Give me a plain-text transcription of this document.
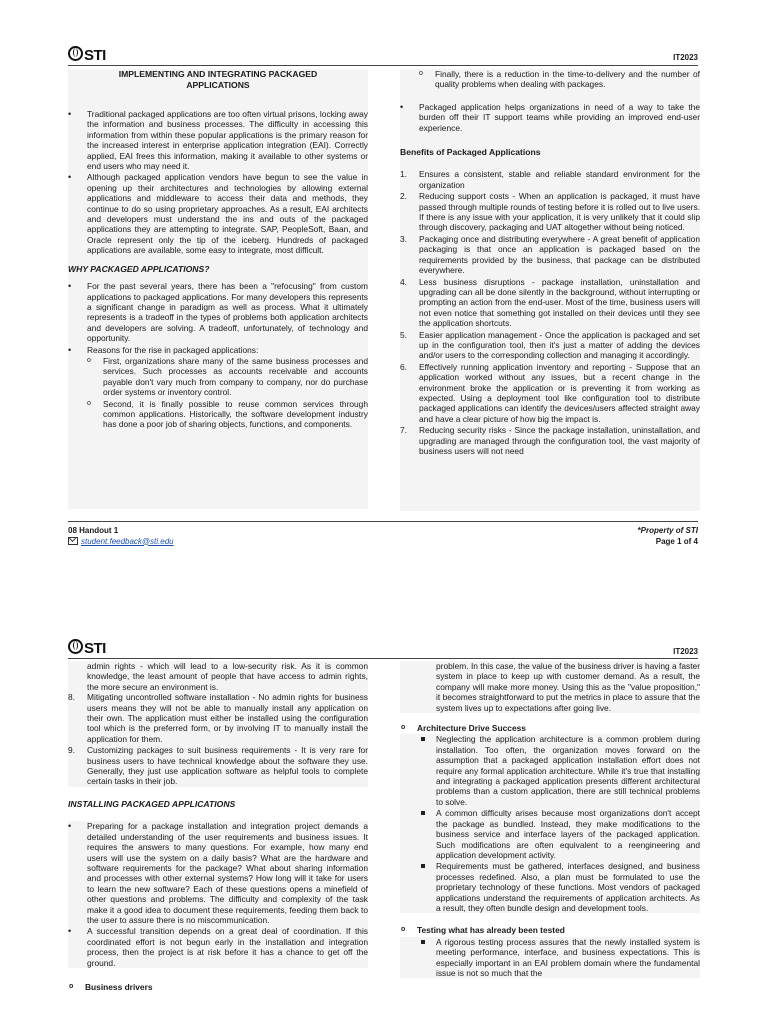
STI	IT2023
IMPLEMENTING AND INTEGRATING PACKAGED APPLICATIONS
• Traditional packaged applications are too often virtual prisons, locking away the information and business processes. The difficulty in accessing this information from within these popular applications is the primary reason for the increased interest in enterprise application integration (EAI). Correctly applied, EAI frees this information, making it available to other systems or end users who may need it.
• Although packaged application vendors have begun to see the value in opening up their architectures and technologies by allowing external applications and middleware to access their data and methods, they continue to do so using proprietary approaches. As a result, EAI architects and developers must understand the ins and outs of the packaged applications they are attempting to integrate. SAP, PeopleSoft, Baan, and Oracle represent only the tip of the iceberg. Hundreds of packaged applications are available, some easy to integrate, most difficult.
WHY PACKAGED APPLICATIONS?
• For the past several years, there has been a "refocusing" from custom applications to packaged applications. For many developers this represents a significant change in paradigm as well as process. What it ultimately represents is a tradeoff in the types of problems both application architects and developers are solving. A tradeoff, unfortunately, of technology and opportunity.
• Reasons for the rise in packaged applications:
o First, organizations share many of the same business processes and services. Such processes as accounts receivable and accounts payable don't vary much from company to company, nor do purchase order systems or inventory control.
o Second, it is finally possible to reuse common services through common applications. Historically, the software development industry has done a poor job of sharing objects, functions, and components.
o Finally, there is a reduction in the time-to-delivery and the number of quality problems when dealing with packages.
• Packaged application helps organizations in need of a way to take the burden off their IT support teams while providing an improved end-user experience.
Benefits of Packaged Applications
1. Ensures a consistent, stable and reliable standard environment for the organization
2. Reducing support costs - When an application is packaged, it must have passed through multiple rounds of testing before it is rolled out to live users. If there is any issue with your application, it is very unlikely that it could slip through discovery, packaging and UAT altogether without being noticed.
3. Packaging once and distributing everywhere - A great benefit of application packaging is that once an application is packaged based on the requirements provided by the business, that package can be distributed everywhere.
4. Less business disruptions - package installation, uninstallation and upgrading can all be done silently in the background, without interrupting or prompting an action from the end-user. Most of the time, business users will not even notice that something got installed on their devices until they see the application shortcuts.
5. Easier application management - Once the application is packaged and set up in the configuration tool, then it's just a matter of adding the devices and/or users to the corresponding collection and managing it accordingly.
6. Effectively running application inventory and reporting - Suppose that an application worked without any issues, but a recent change in the environment broke the application or is preventing it from working as expected. Using a deployment tool like configuration tool to distribute packaged applications can identify the devices/users affected straight away and have a clear picture of how big the impact is.
7. Reducing security risks - Since the package installation, uninstallation, and upgrading are managed through the configuration tool, the vast majority of business users will not need
08 Handout 1
student.feedback@sti.edu
*Property of STI
Page 1 of 4
STI	IT2023
admin rights - which will lead to a low-security risk. As it is common knowledge, the least amount of people that have access to admin rights, the more secure an environment is.
8. Mitigating uncontrolled software installation - No admin rights for business users means they will not be able to manually install any application on their own. The application must either be installed using the configuration tool which is the preferred form, or by involving IT to manually install the application for them.
9. Customizing packages to suit business requirements - It is very rare for business users to have technical knowledge about the software they use. Generally, they just use application software as helpful tools to complete certain tasks in their job.
INSTALLING PACKAGED APPLICATIONS
• Preparing for a package installation and integration project demands a detailed understanding of the user requirements and business issues. It requires the answers to many questions. For example, how many end users will use the system on a daily basis? What are the hardware and software requirements for the package? What about sharing information and processes with other external systems? How long will it take for users to learn the new software? Each of these questions opens a minefield of other questions and problems. The difficulty and complexity of the task make it a good idea to document these requirements, feeding them back to the user to assure there is no miscommunication.
• A successful transition depends on a great deal of coordination. If this coordinated effort is not begun early in the installation and integration process, then the project is at risk before it has a chance to get off the ground.
o Business drivers
problem. In this case, the value of the business driver is having a faster system in place to keep up with customer demand. As a result, the company will make more money. Using this as the "value proposition," it becomes straightforward to put the metrics in place to assure that the system lives up to expectations after going live.
o Architecture Drive Success
Neglecting the application architecture is a common problem during installation. Too often, the organization moves forward on the assumption that a packaged application installation effort does not require any formal application architecture. While it's true that installing and integrating a packaged application presents different architectural problems than a custom application, there are still technical problems to solve.
A common difficulty arises because most organizations don't accept the package as bundled. Instead, they make modifications to the business service and interface layers of the packaged application. Such modifications are often equivalent to a reengineering and application development activity.
Requirements must be gathered, interfaces designed, and business processes redefined. Also, a plan must be formulated to use the proprietary technology of these functions. Most vendors of packaged applications understand the requirements of application architects. As a result, they often bundle design and development tools.
o Testing what has already been tested
A rigorous testing process assures that the newly installed system is meeting performance, interface, and business expectations. This is especially important in an EAI problem domain where the fundamental issue is not so much that the
